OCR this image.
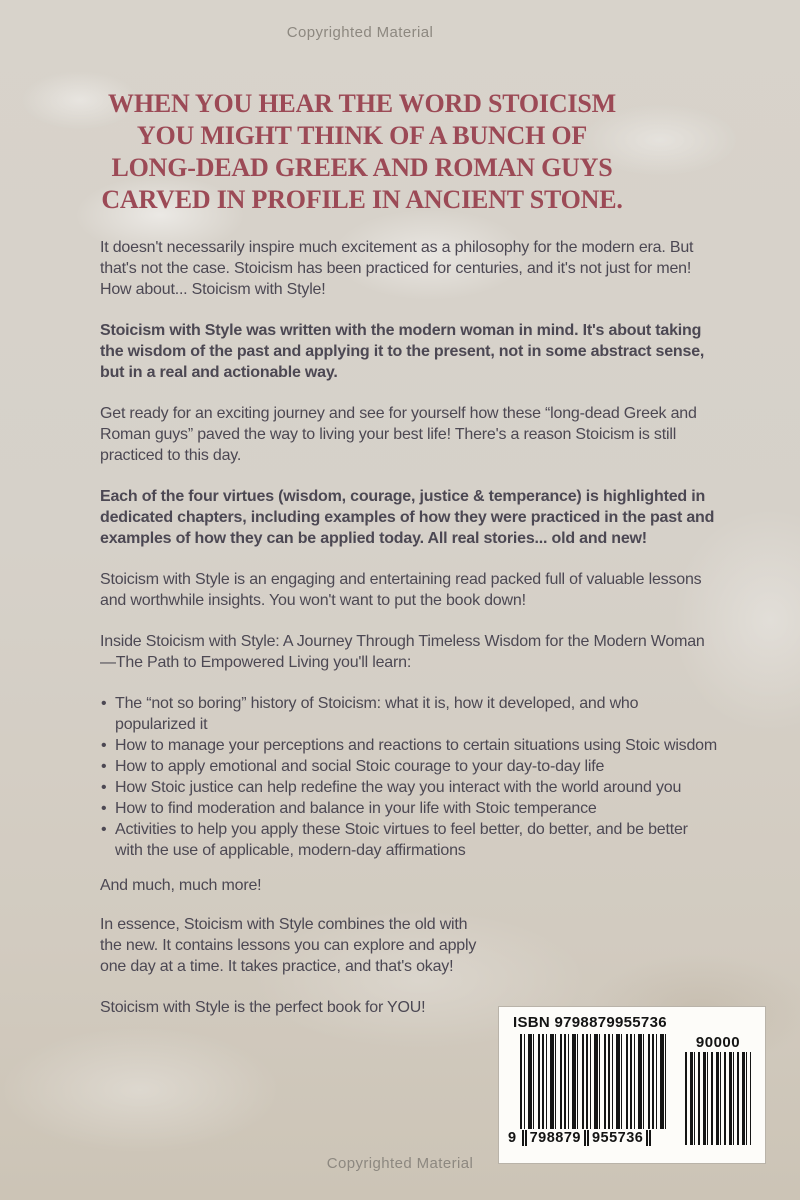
Copyrighted Material
WHEN YOU HEAR THE WORD STOICISM
YOU MIGHT THINK OF A BUNCH OF
LONG-DEAD GREEK AND ROMAN GUYS
CARVED IN PROFILE IN ANCIENT STONE.

It doesn't necessarily inspire much excitement as a philosophy for the modern era. But that's not the case. Stoicism has been practiced for centuries, and it's not just for men! How about... Stoicism with Style!

Stoicism with Style was written with the modern woman in mind. It's about taking the wisdom of the past and applying it to the present, not in some abstract sense, but in a real and actionable way.

Get ready for an exciting journey and see for yourself how these “long-dead Greek and Roman guys” paved the way to living your best life! There's a reason Stoicism is still practiced to this day.

Each of the four virtues (wisdom, courage, justice & temperance) is highlighted in dedicated chapters, including examples of how they were practiced in the past and examples of how they can be applied today. All real stories... old and new!

Stoicism with Style is an engaging and entertaining read packed full of valuable lessons and worthwhile insights. You won't want to put the book down!

Inside Stoicism with Style: A Journey Through Timeless Wisdom for the Modern Woman—The Path to Empowered Living you'll learn:

• The “not so boring” history of Stoicism: what it is, how it developed, and who popularized it
• How to manage your perceptions and reactions to certain situations using Stoic wisdom
• How to apply emotional and social Stoic courage to your day-to-day life
• How Stoic justice can help redefine the way you interact with the world around you
• How to find moderation and balance in your life with Stoic temperance
• Activities to help you apply these Stoic virtues to feel better, do better, and be better with the use of applicable, modern-day affirmations

And much, much more!

In essence, Stoicism with Style combines the old with the new. It contains lessons you can explore and apply one day at a time. It takes practice, and that's okay!

Stoicism with Style is the perfect book for YOU!

ISBN 9798879955736
9 798879 955736
90000
Copyrighted Material
